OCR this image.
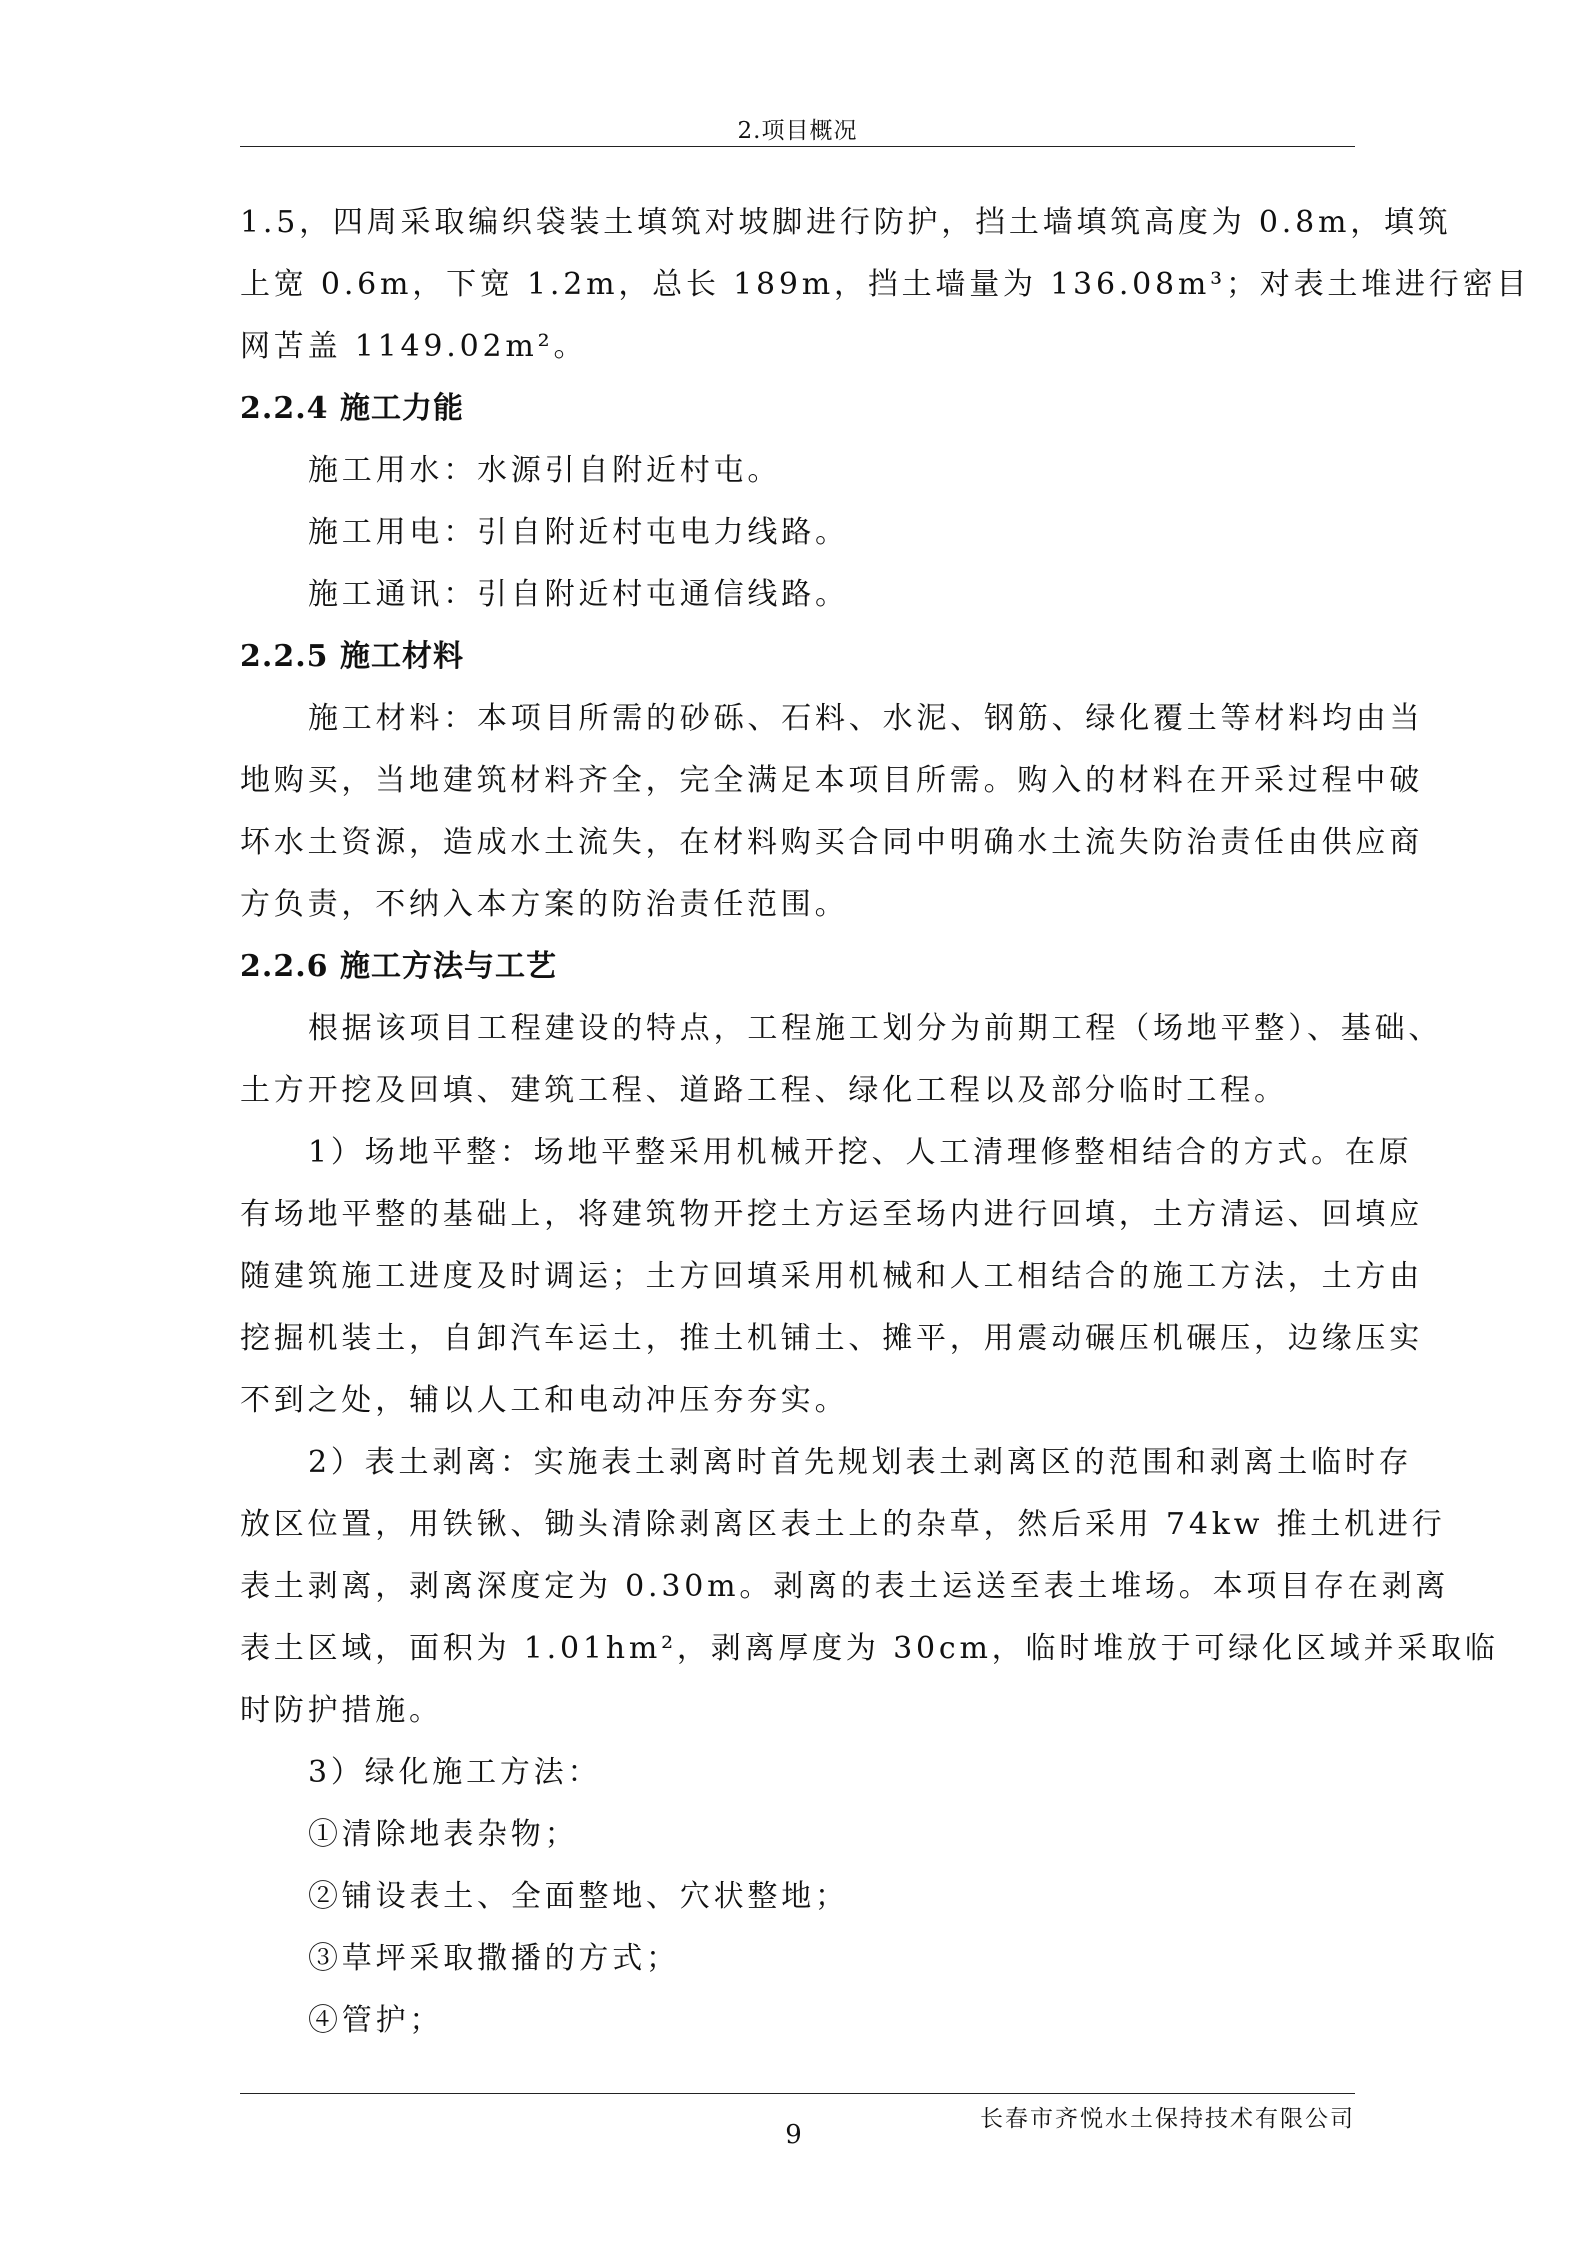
2.项目概况
1.5，四周采取编织袋装土填筑对坡脚进行防护，挡土墙填筑高度为 0.8m，填筑
上宽 0.6m，下宽 1.2m，总长 189m，挡土墙量为 136.08m³；对表土堆进行密目
网苫盖 1149.02m²。
2.2.4 施工力能
施工用水：水源引自附近村屯。
施工用电：引自附近村屯电力线路。
施工通讯：引自附近村屯通信线路。
2.2.5 施工材料
施工材料：本项目所需的砂砾、石料、水泥、钢筋、绿化覆土等材料均由当
地购买，当地建筑材料齐全，完全满足本项目所需。购入的材料在开采过程中破
坏水土资源，造成水土流失，在材料购买合同中明确水土流失防治责任由供应商
方负责，不纳入本方案的防治责任范围。
2.2.6 施工方法与工艺
根据该项目工程建设的特点，工程施工划分为前期工程（场地平整）、基础、
土方开挖及回填、建筑工程、道路工程、绿化工程以及部分临时工程。
1）场地平整：场地平整采用机械开挖、人工清理修整相结合的方式。在原
有场地平整的基础上，将建筑物开挖土方运至场内进行回填，土方清运、回填应
随建筑施工进度及时调运；土方回填采用机械和人工相结合的施工方法，土方由
挖掘机装土，自卸汽车运土，推土机铺土、摊平，用震动碾压机碾压，边缘压实
不到之处，辅以人工和电动冲压夯夯实。
2）表土剥离：实施表土剥离时首先规划表土剥离区的范围和剥离土临时存
放区位置，用铁锹、锄头清除剥离区表土上的杂草，然后采用 74kw 推土机进行
表土剥离，剥离深度定为 0.30m。剥离的表土运送至表土堆场。本项目存在剥离
表土区域，面积为 1.01hm²，剥离厚度为 30cm，临时堆放于可绿化区域并采取临
时防护措施。
3）绿化施工方法：
①清除地表杂物；
②铺设表土、全面整地、穴状整地；
③草坪采取撒播的方式；
④管护；
长春市齐悦水土保持技术有限公司
9
